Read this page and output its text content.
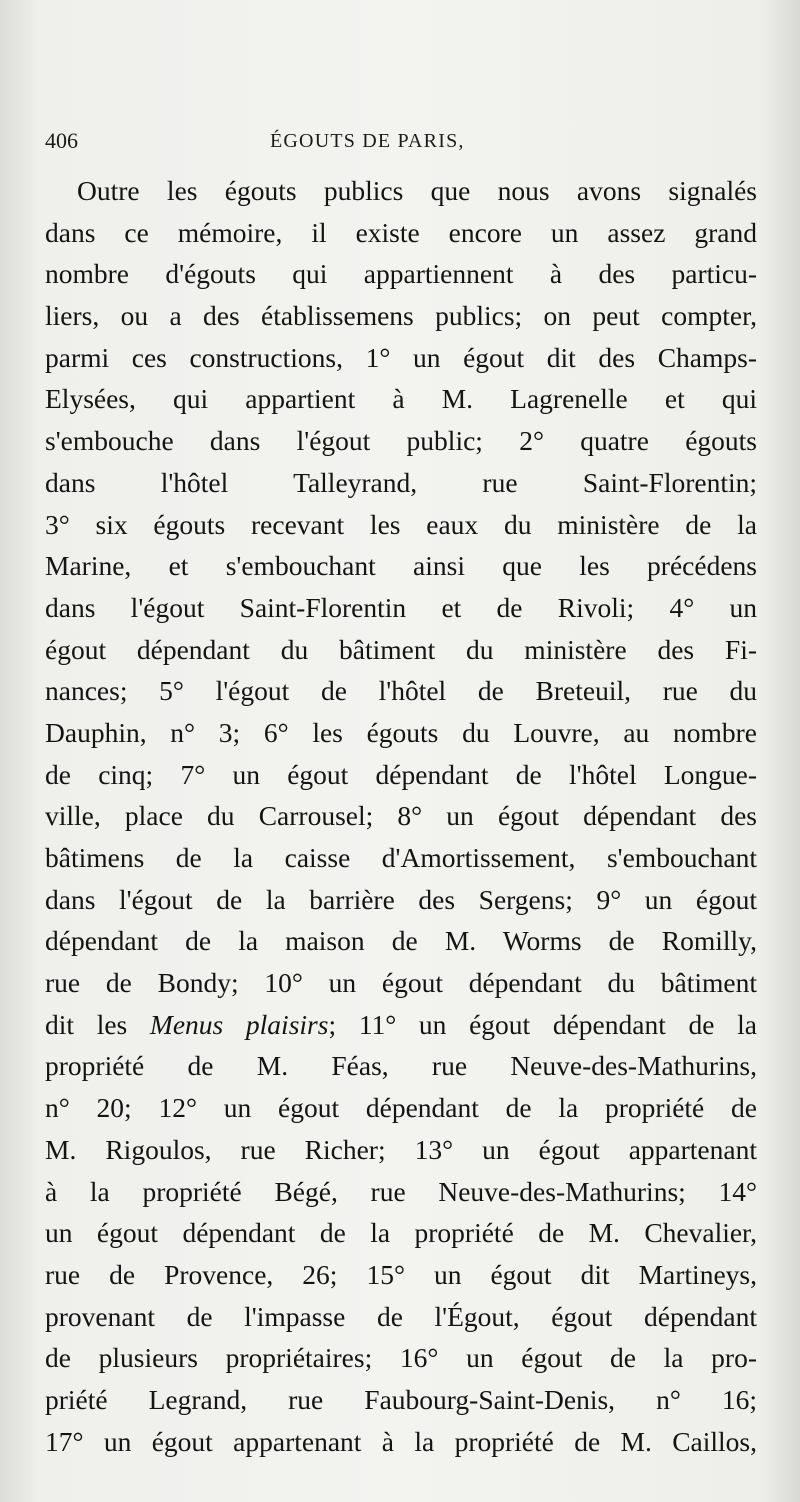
406	ÉGOUTS DE PARIS,
Outre les égouts publics que nous avons signalés
dans ce mémoire, il existe encore un assez grand
nombre d'égouts qui appartiennent à des particu-
liers, ou a des établissemens publics; on peut compter,
parmi ces constructions, 1° un égout dit des Champs-
Elysées, qui appartient à M. Lagrenelle et qui
s'embouche dans l'égout public; 2° quatre égouts
dans l'hôtel Talleyrand, rue Saint-Florentin;
3° six égouts recevant les eaux du ministère de la
Marine, et s'embouchant ainsi que les précédens
dans l'égout Saint-Florentin et de Rivoli; 4° un
égout dépendant du bâtiment du ministère des Fi-
nances; 5° l'égout de l'hôtel de Breteuil, rue du
Dauphin, n° 3; 6° les égouts du Louvre, au nombre
de cinq; 7° un égout dépendant de l'hôtel Longue-
ville, place du Carrousel; 8° un égout dépendant des
bâtimens de la caisse d'Amortissement, s'embouchant
dans l'égout de la barrière des Sergens; 9° un égout
dépendant de la maison de M. Worms de Romilly,
rue de Bondy; 10° un égout dépendant du bâtiment
dit les Menus plaisirs; 11° un égout dépendant de la
propriété de M. Féas, rue Neuve-des-Mathurins,
n° 20; 12° un égout dépendant de la propriété de
M. Rigoulos, rue Richer; 13° un égout appartenant
à la propriété Bégé, rue Neuve-des-Mathurins; 14°
un égout dépendant de la propriété de M. Chevalier,
rue de Provence, 26; 15° un égout dit Martineys,
provenant de l'impasse de l'Égout, égout dépendant
de plusieurs propriétaires; 16° un égout de la pro-
priété Legrand, rue Faubourg-Saint-Denis, n° 16;
17° un égout appartenant à la propriété de M. Caillos,
